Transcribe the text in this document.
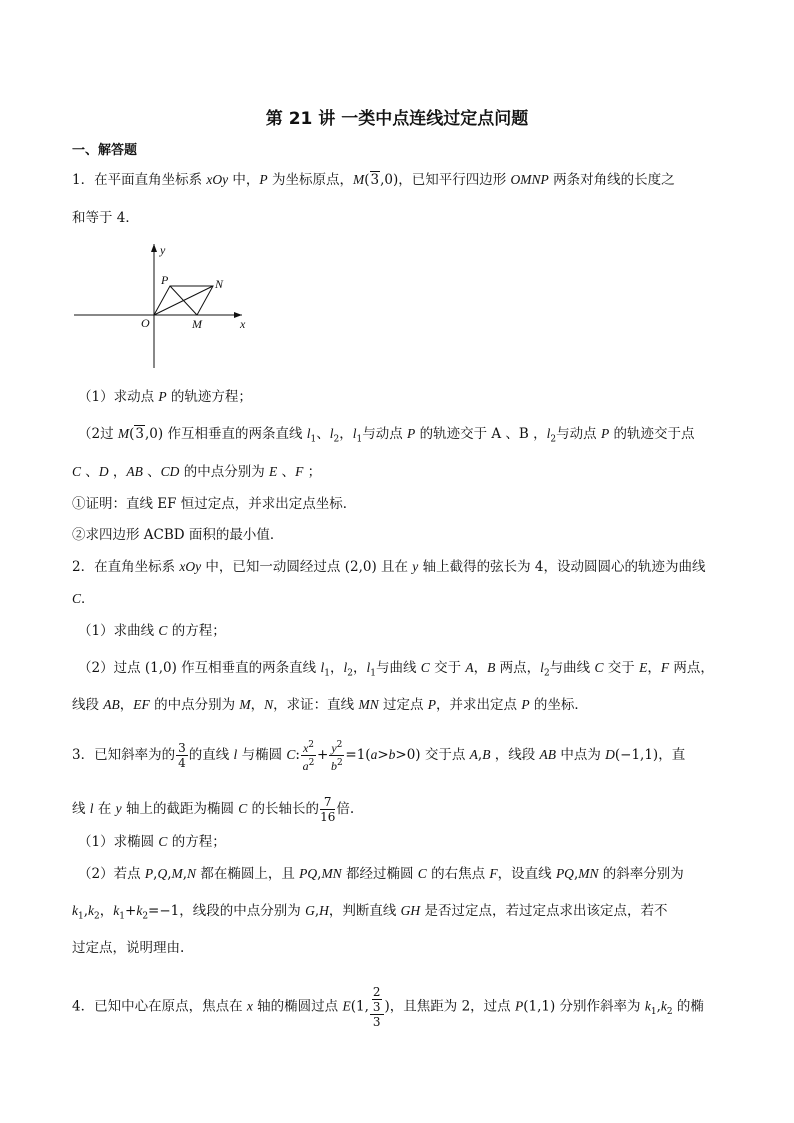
第 21 讲 一类中点连线过定点问题
一、解答题
1．在平面直角坐标系 xOy 中，P 为坐标原点，M(3,0)，已知平行四边形 OMNP 两条对角线的长度之
和等于 4．
y
x
P	N
O	M
（1）求动点 P 的轨迹方程；
（2过 M(3,0) 作互相垂直的两条直线 $l_1$、$l_2$，$l_1$与动点 P 的轨迹交于 A 、B ，$l_2$与动点 P 的轨迹交于点
C 、D ，AB 、CD 的中点分别为 E 、F ；
①证明：直线 EF 恒过定点，并求出定点坐标．
②求四边形 ACBD 面积的最小值．
2．在直角坐标系 xOy 中，已知一动圆经过点 (2,0) 且在 y 轴上截得的弦长为 4，设动圆圆心的轨迹为曲线
C．
（1）求曲线 C 的方程；
（2）过点 (1,0) 作互相垂直的两条直线 $l_1$，$l_2$，$l_1$与曲线 C 交于 A，B 两点，$l_2$与曲线 C 交于 E，F 两点，
线段 AB，EF 的中点分别为 M，N，求证：直线 MN 过定点 P，并求出定点 P 的坐标．
3．已知斜率为的 $\frac{3}{4}$ 的直线 l 与椭圆 C: $\frac{x^2}{a^2} + \frac{y^2}{b^2} =1(a>b>0)$ 交于点 A,B ，线段 AB 中点为 D(−1,1)，直
线 l 在 y 轴上的截距为椭圆 C 的长轴长的 $\frac{7}{16}$ 倍.
（1）求椭圆 C 的方程；
（2）若点 P,Q,M,N 都在椭圆上，且 PQ,MN 都经过椭圆 C 的右焦点 F，设直线 PQ,MN 的斜率分别为
$k_1,k_2$，$k_1+k_2=-1$，线段的中点分别为 G,H，判断直线 GH 是否过定点，若过定点求出该定点，若不
过定点，说明理由.
4．已知中心在原点，焦点在 x 轴的椭圆过点 E(1, 2
3
3 )，且焦距为 2，过点 P(1,1) 分别作斜率为 $k_1,k_2$ 的椭
